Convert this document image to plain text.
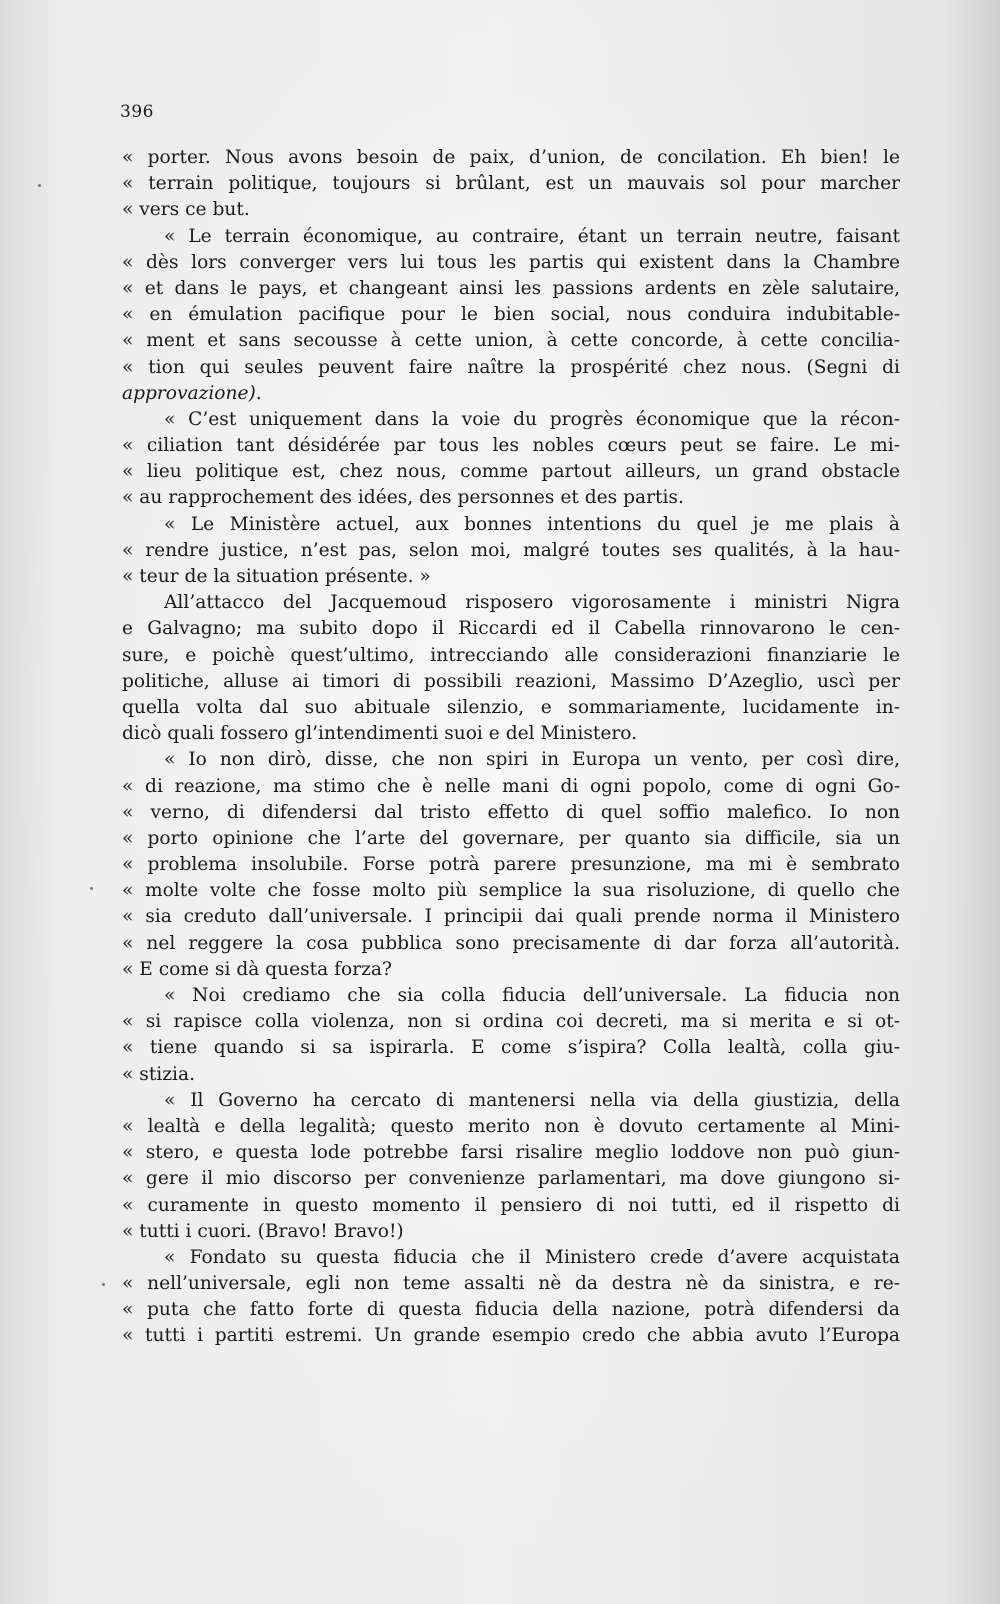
396
« porter. Nous avons besoin de paix, d’union, de concilation. Eh bien! le
« terrain politique, toujours si brûlant, est un mauvais sol pour marcher
« vers ce but.
« Le terrain économique, au contraire, étant un terrain neutre, faisant
« dès lors converger vers lui tous les partis qui existent dans la Chambre
« et dans le pays, et changeant ainsi les passions ardents en zèle salutaire,
« en émulation pacifique pour le bien social, nous conduira indubitable-
« ment et sans secousse à cette union, à cette concorde, à cette concilia-
« tion qui seules peuvent faire naître la prospérité chez nous. (Segni di
approvazione).
« C’est uniquement dans la voie du progrès économique que la récon-
« ciliation tant désidérée par tous les nobles cœurs peut se faire. Le mi-
« lieu politique est, chez nous, comme partout ailleurs, un grand obstacle
« au rapprochement des idées, des personnes et des partis.
« Le Ministère actuel, aux bonnes intentions du quel je me plais à
« rendre justice, n’est pas, selon moi, malgré toutes ses qualités, à la hau-
« teur de la situation présente. »
All’attacco del Jacquemoud risposero vigorosamente i ministri Nigra
e Galvagno; ma subito dopo il Riccardi ed il Cabella rinnovarono le cen-
sure, e poichè quest’ultimo, intrecciando alle considerazioni finanziarie le
politiche, alluse ai timori di possibili reazioni, Massimo D’Azeglio, uscì per
quella volta dal suo abituale silenzio, e sommariamente, lucidamente in-
dicò quali fossero gl’intendimenti suoi e del Ministero.
« Io non dirò, disse, che non spiri in Europa un vento, per così dire,
« di reazione, ma stimo che è nelle mani di ogni popolo, come di ogni Go-
« verno, di difendersi dal tristo effetto di quel soffio malefico. Io non
« porto opinione che l’arte del governare, per quanto sia difficile, sia un
« problema insolubile. Forse potrà parere presunzione, ma mi è sembrato
« molte volte che fosse molto più semplice la sua risoluzione, di quello che
« sia creduto dall’universale. I principii dai quali prende norma il Ministero
« nel reggere la cosa pubblica sono precisamente di dar forza all’autorità.
« E come si dà questa forza?
« Noi crediamo che sia colla fiducia dell’universale. La fiducia non
« si rapisce colla violenza, non si ordina coi decreti, ma si merita e si ot-
« tiene quando si sa ispirarla. E come s’ispira? Colla lealtà, colla giu-
« stizia.
« Il Governo ha cercato di mantenersi nella via della giustizia, della
« lealtà e della legalità; questo merito non è dovuto certamente al Mini-
« stero, e questa lode potrebbe farsi risalire meglio loddove non può giun-
« gere il mio discorso per convenienze parlamentari, ma dove giungono si-
« curamente in questo momento il pensiero di noi tutti, ed il rispetto di
« tutti i cuori. (Bravo! Bravo!)
« Fondato su questa fiducia che il Ministero crede d’avere acquistata
« nell’universale, egli non teme assalti nè da destra nè da sinistra, e re-
« puta che fatto forte di questa fiducia della nazione, potrà difendersi da
« tutti i partiti estremi. Un grande esempio credo che abbia avuto l’Europa
